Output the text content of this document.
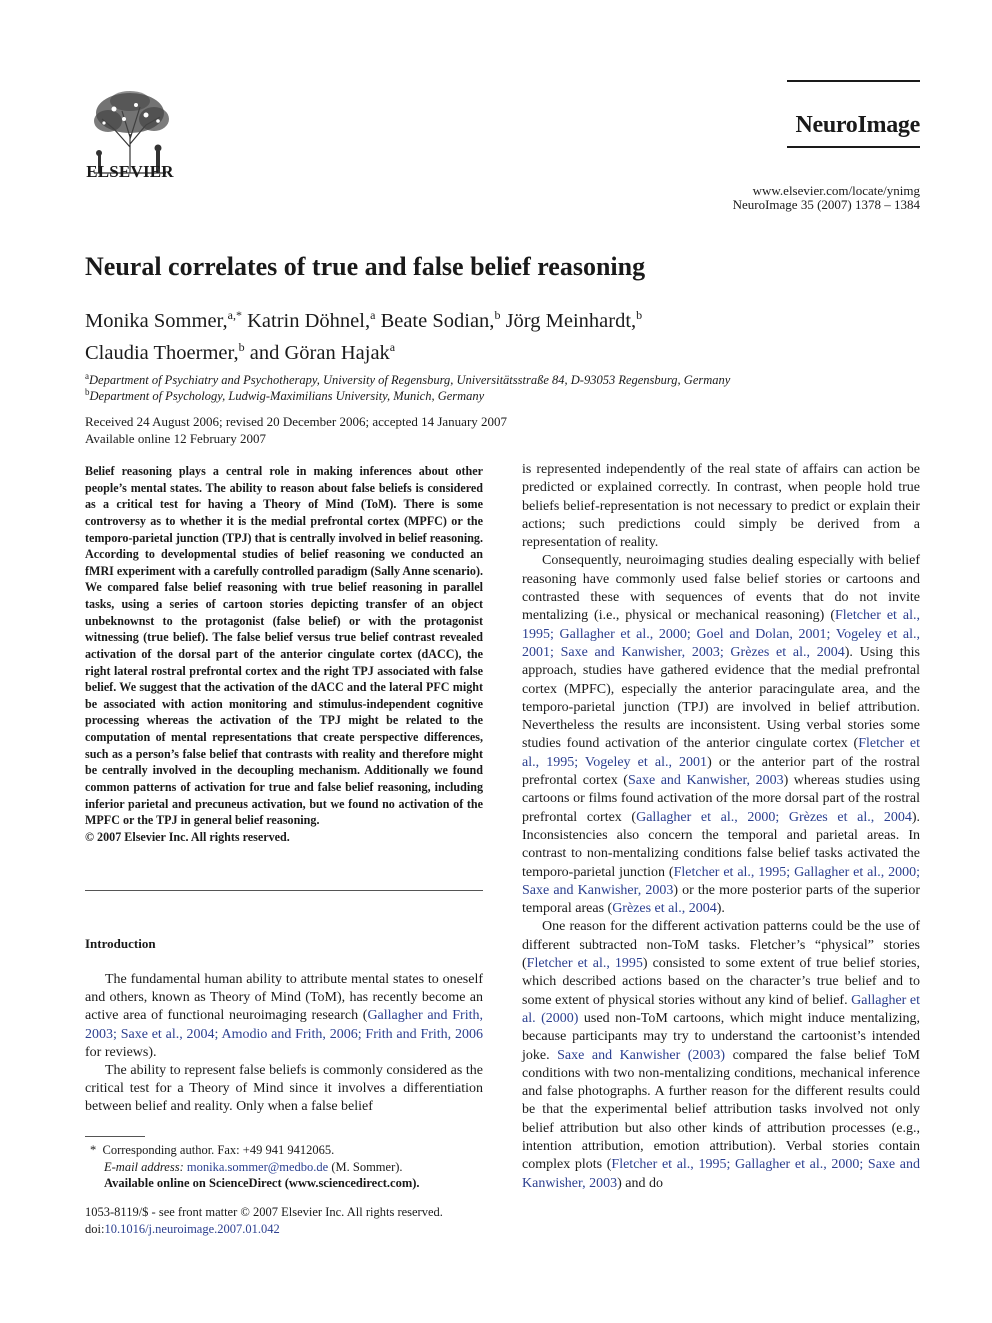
ELSEVIER
NeuroImage
www.elsevier.com/locate/ynimg
NeuroImage 35 (2007) 1378 – 1384
Neural correlates of true and false belief reasoning
Monika Sommer,$^{a,*}$ Katrin Döhnel,$^a$ Beate Sodian,$^b$ Jörg Meinhardt,$^b$
Claudia Thoermer,$^b$ and Göran Hajak$^a$
$^a$Department of Psychiatry and Psychotherapy, University of Regensburg, Universitätsstraße 84, D-93053 Regensburg, Germany
$^b$Department of Psychology, Ludwig-Maximilians University, Munich, Germany
Received 24 August 2006; revised 20 December 2006; accepted 14 January 2007
Available online 12 February 2007

Belief reasoning plays a central role in making inferences about other people’s mental states. The ability to reason about false beliefs is considered as a critical test for having a Theory of Mind (ToM). There is some controversy as to whether it is the medial prefrontal cortex (MPFC) or the temporo-parietal junction (TPJ) that is centrally involved in belief reasoning. According to developmental studies of belief reasoning we conducted an fMRI experiment with a carefully controlled paradigm (Sally Anne scenario). We compared false belief reasoning with true belief reasoning in parallel tasks, using a series of cartoon stories depicting transfer of an object unbeknownst to the protagonist (false belief) or with the protagonist witnessing (true belief). The false belief versus true belief contrast revealed activation of the dorsal part of the anterior cingulate cortex (dACC), the right lateral rostral prefrontal cortex and the right TPJ associated with false belief. We suggest that the activation of the dACC and the lateral PFC might be associated with action monitoring and stimulus-independent cognitive processing whereas the activation of the TPJ might be related to the computation of mental representations that create perspective differences, such as a person’s false belief that contrasts with reality and therefore might be centrally involved in the decoupling mechanism. Additionally we found common patterns of activation for true and false belief reasoning, including inferior parietal and precuneus activation, but we found no activation of the MPFC or the TPJ in general belief reasoning.

© 2007 Elsevier Inc. All rights reserved.

Introduction

The fundamental human ability to attribute mental states to oneself and others, known as Theory of Mind (ToM), has recently become an active area of functional neuroimaging research (Gallagher and Frith, 2003; Saxe et al., 2004; Amodio and Frith, 2006; Frith and Frith, 2006 for reviews).

The ability to represent false beliefs is commonly considered as the critical test for a Theory of Mind since it involves a differentiation between belief and reality. Only when a false belief

* Corresponding author. Fax: +49 941 9412065.
E-mail address: monika.sommer@medbo.de (M. Sommer).
Available online on ScienceDirect (www.sciencedirect.com).
1053-8119/$ - see front matter © 2007 Elsevier Inc. All rights reserved.
doi:10.1016/j.neuroimage.2007.01.042

is represented independently of the real state of affairs can action be predicted or explained correctly. In contrast, when people hold true beliefs belief-representation is not necessary to predict or explain their actions; such predictions could simply be derived from a representation of reality.

Consequently, neuroimaging studies dealing especially with belief reasoning have commonly used false belief stories or cartoons and contrasted these with sequences of events that do not invite mentalizing (i.e., physical or mechanical reasoning) (Fletcher et al., 1995; Gallagher et al., 2000; Goel and Dolan, 2001; Vogeley et al., 2001; Saxe and Kanwisher, 2003; Grèzes et al., 2004). Using this approach, studies have gathered evidence that the medial prefrontal cortex (MPFC), especially the anterior paracingulate area, and the temporo-parietal junction (TPJ) are involved in belief attribution. Nevertheless the results are inconsistent. Using verbal stories some studies found activation of the anterior cingulate cortex (Fletcher et al., 1995; Vogeley et al., 2001) or the anterior part of the rostral prefrontal cortex (Saxe and Kanwisher, 2003) whereas studies using cartoons or films found activation of the more dorsal part of the rostral prefrontal cortex (Gallagher et al., 2000; Grèzes et al., 2004). Inconsistencies also concern the temporal and parietal areas. In contrast to non-mentalizing conditions false belief tasks activated the temporo-parietal junction (Fletcher et al., 1995; Gallagher et al., 2000; Saxe and Kanwisher, 2003) or the more posterior parts of the superior temporal areas (Grèzes et al., 2004).

One reason for the different activation patterns could be the use of different subtracted non-ToM tasks. Fletcher’s “physical” stories (Fletcher et al., 1995) consisted to some extent of true belief stories, which described actions based on the character’s true belief and to some extent of physical stories without any kind of belief. Gallagher et al. (2000) used non-ToM cartoons, which might induce mentalizing, because participants may try to understand the cartoonist’s intended joke. Saxe and Kanwisher (2003) compared the false belief ToM conditions with two non-mentalizing conditions, mechanical inference and false photographs. A further reason for the different results could be that the experimental belief attribution tasks involved not only belief attribution but also other kinds of attribution processes (e.g., intention attribution, emotion attribution). Verbal stories contain complex plots (Fletcher et al., 1995; Gallagher et al., 2000; Saxe and Kanwisher, 2003) and do
